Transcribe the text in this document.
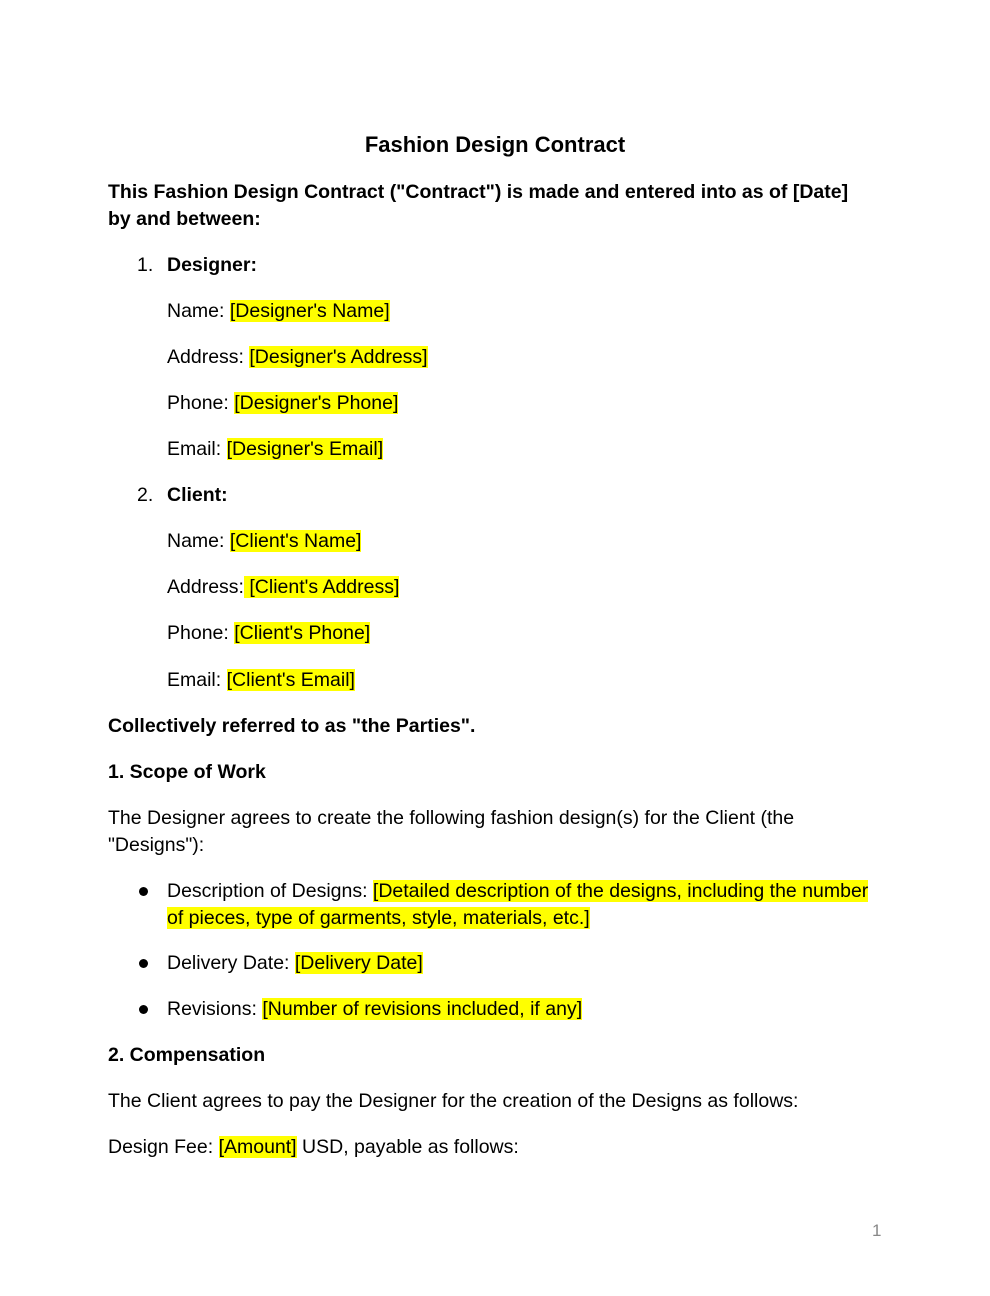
Fashion Design Contract
This Fashion Design Contract ("Contract") is made and entered into as of [Date]
by and between:
1. Designer:
Name: [Designer's Name]
Address: [Designer's Address]
Phone: [Designer's Phone]
Email: [Designer's Email]
2. Client:
Name: [Client's Name]
Address: [Client's Address]
Phone: [Client's Phone]
Email: [Client's Email]
Collectively referred to as "the Parties".
1. Scope of Work
The Designer agrees to create the following fashion design(s) for the Client (the
"Designs"):
Description of Designs: [Detailed description of the designs, including the number
of pieces, type of garments, style, materials, etc.]
Delivery Date: [Delivery Date]
Revisions: [Number of revisions included, if any]
2. Compensation
The Client agrees to pay the Designer for the creation of the Designs as follows:
Design Fee: [Amount] USD, payable as follows:
1
